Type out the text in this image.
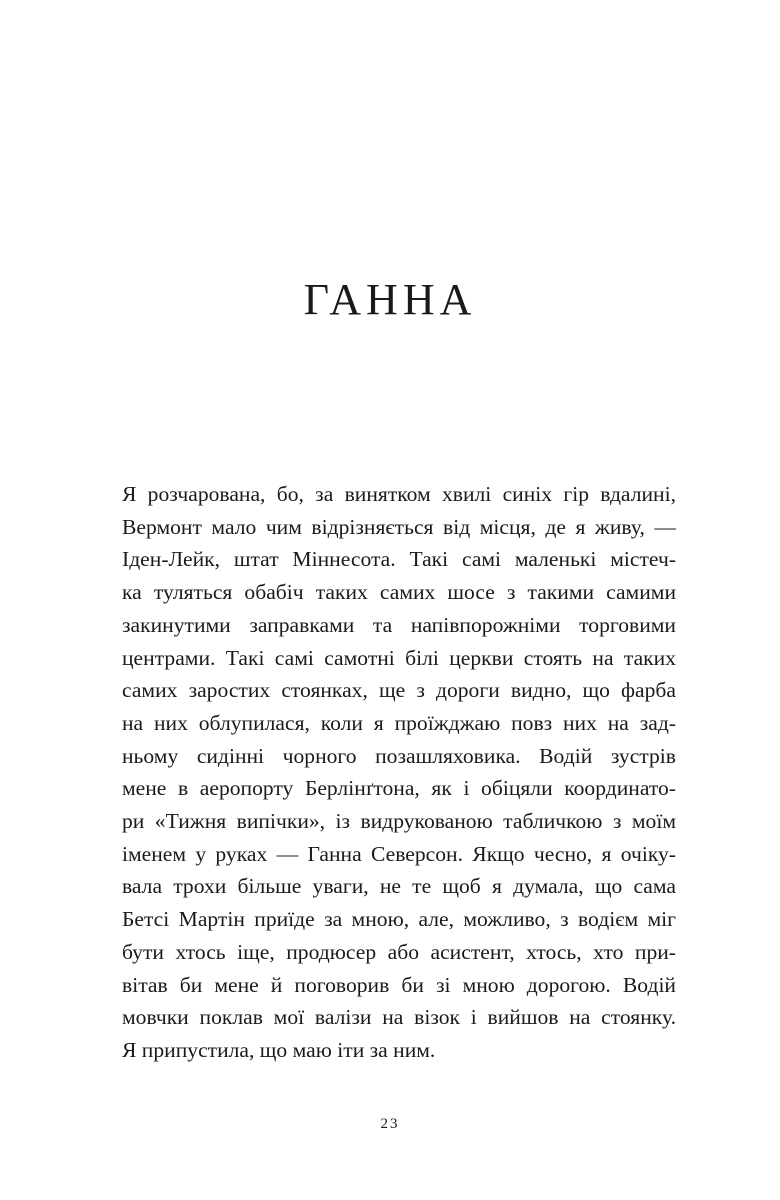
ГАННА
Я розчарована, бо, за винятком хвилі синіх гір вдалині,
Вермонт мало чим відрізняється від місця, де я живу, —
Іден-Лейк, штат Міннесота. Такі самі маленькі містеч-
ка туляться обабіч таких самих шосе з такими самими
закинутими заправками та напівпорожніми торговими
центрами. Такі самі самотні білі церкви стоять на таких
самих заростих стоянках, ще з дороги видно, що фарба
на них облупилася, коли я проїжджаю повз них на зад-
ньому сидінні чорного позашляховика. Водій зустрів
мене в аеропорту Берлінґтона, як і обіцяли координато-
ри «Тижня випічки», із видрукованою табличкою з моїм
іменем у руках — Ганна Северсон. Якщо чесно, я очіку-
вала трохи більше уваги, не те щоб я думала, що сама
Бетсі Мартін приїде за мною, але, можливо, з водієм міг
бути хтось іще, продюсер або асистент, хтось, хто при-
вітав би мене й поговорив би зі мною дорогою. Водій
мовчки поклав мої валізи на візок і вийшов на стоянку.
Я припустила, що маю іти за ним.

23
